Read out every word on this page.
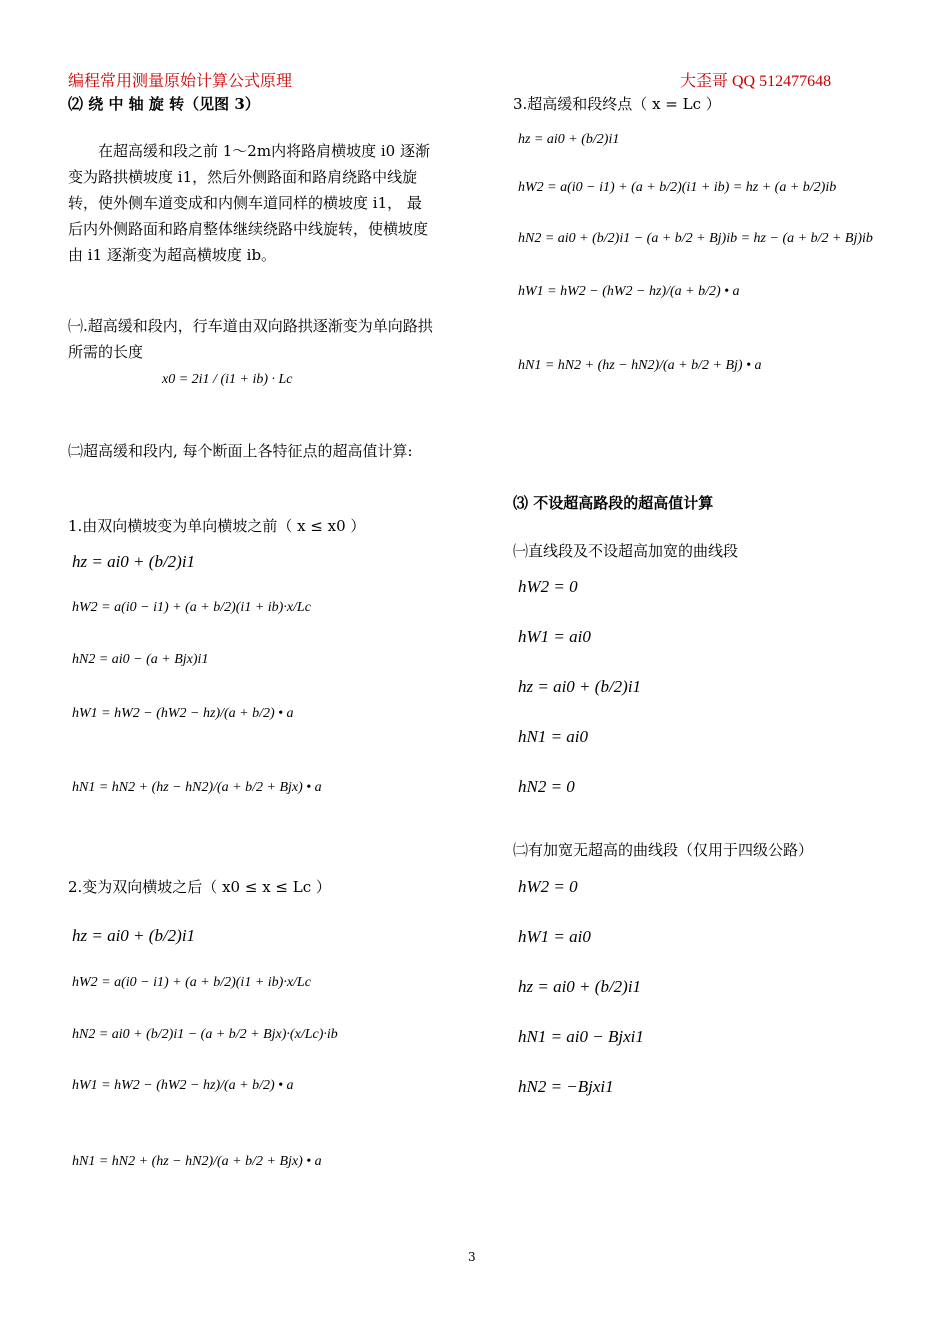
编程常用测量原始计算公式原理	大歪哥 QQ 512477648
⑵ 绕 中 轴 旋 转（见图 3）
在超高缓和段之前 1～2m内将路肩横坡度 i0 逐渐变为路拱横坡度 i1，然后外侧路面和路肩绕路中线旋转，使外侧车道变成和内侧车道同样的横坡度 i1， 最后内外侧路面和路肩整体继续绕路中线旋转，使横坡度由 i1 逐渐变为超高横坡度 ib。
㈠.超高缓和段内，行车道由双向路拱逐渐变为单向路拱所需的长度
x0 = 2i1 / (i1 + ib) · Lc
㈡超高缓和段内, 每个断面上各特征点的超高值计算:
1.由双向横坡变为单向横坡之前（ x ≤ x0 ）
hz = ai0 + (b/2)i1
hW2 = a(i0 − i1) + (a + b/2)(i1 + ib)·x/Lc
hN2 = ai0 − (a + Bjx)i1
hW1 = hW2 − (hW2 − hz)/(a + b/2) • a
hN1 = hN2 + (hz − hN2)/(a + b/2 + Bjx) • a
2.变为双向横坡之后（ x0 ≤ x ≤ Lc ）
hz = ai0 + (b/2)i1
hW2 = a(i0 − i1) + (a + b/2)(i1 + ib)·x/Lc
hN2 = ai0 + (b/2)i1 − (a + b/2 + Bjx)·(x/Lc)·ib
hW1 = hW2 − (hW2 − hz)/(a + b/2) • a
hN1 = hN2 + (hz − hN2)/(a + b/2 + Bjx) • a
3.超高缓和段终点（ x = Lc ）
hz = ai0 + (b/2)i1
hW2 = a(i0 − i1) + (a + b/2)(i1 + ib) = hz + (a + b/2)ib
hN2 = ai0 + (b/2)i1 − (a + b/2 + Bj)ib = hz − (a + b/2 + Bj)ib
hW1 = hW2 − (hW2 − hz)/(a + b/2) • a
hN1 = hN2 + (hz − hN2)/(a + b/2 + Bj) • a
⑶ 不设超高路段的超高值计算
㈠直线段及不设超高加宽的曲线段
hW2 = 0
hW1 = ai0
hz = ai0 + (b/2)i1
hN1 = ai0
hN2 = 0
㈡有加宽无超高的曲线段（仅用于四级公路）
hW2 = 0
hW1 = ai0
hz = ai0 + (b/2)i1
hN1 = ai0 − Bjxi1
hN2 = −Bjxi1
3
